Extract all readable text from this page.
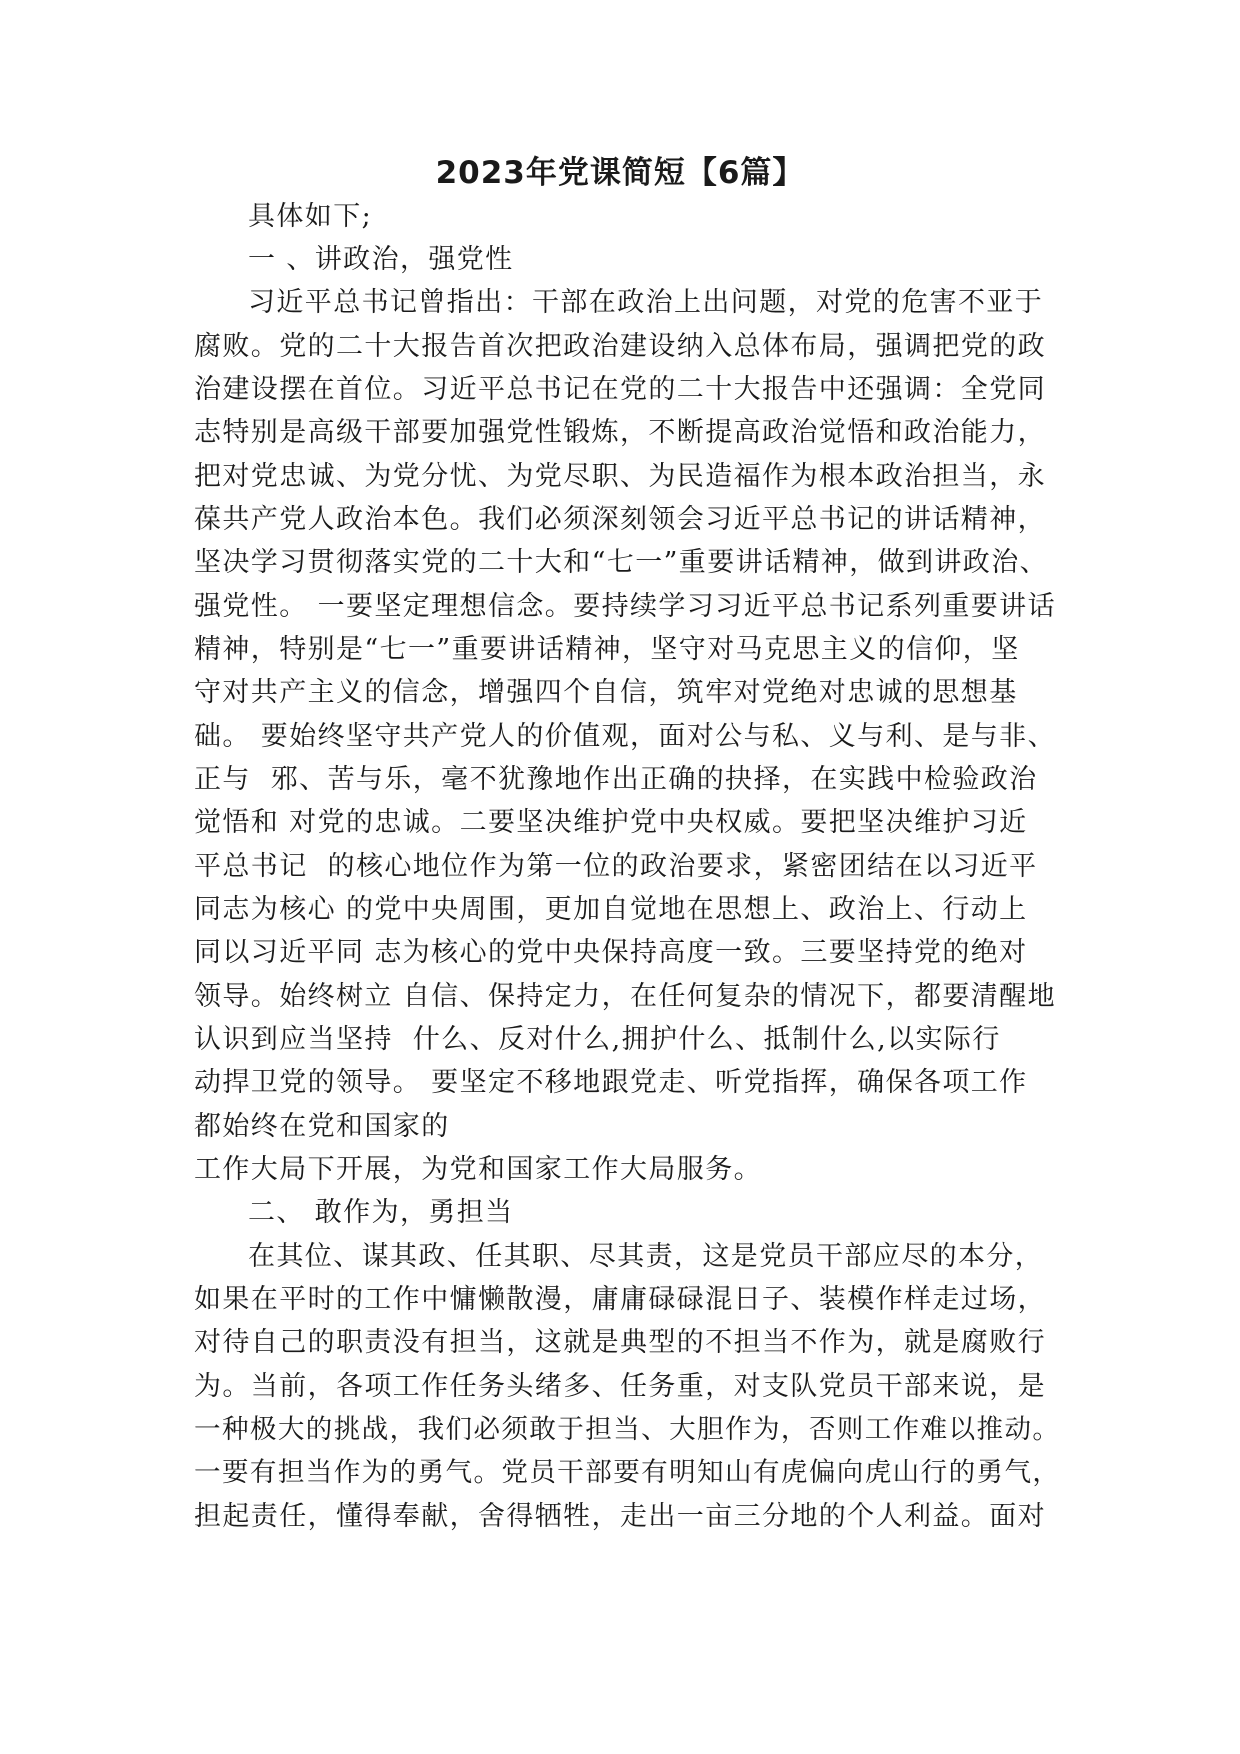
2023年党课简短【6篇】
具体如下;
一 、讲政治，强党性
习近平总书记曾指出：干部在政治上出问题，对党的危害不亚于
腐败。党的二十大报告首次把政治建设纳入总体布局，强调把党的政
治建设摆在首位。习近平总书记在党的二十大报告中还强调：全党同
志特别是高级干部要加强党性锻炼，不断提高政治觉悟和政治能力，
把对党忠诚、为党分忧、为党尽职、为民造福作为根本政治担当，永
葆共产党人政治本色。我们必须深刻领会习近平总书记的讲话精神，
坚决学习贯彻落实党的二十大和“七一”重要讲话精神，做到讲政治、
强党性。 一要坚定理想信念。要持续学习习近平总书记系列重要讲话
精神，特别是“七一”重要讲话精神，坚守对马克思主义的信仰，坚
守对共产主义的信念，增强四个自信，筑牢对党绝对忠诚的思想基
础。 要始终坚守共产党人的价值观，面对公与私、义与利、是与非、
正与  邪、苦与乐，毫不犹豫地作出正确的抉择，在实践中检验政治
觉悟和 对党的忠诚。二要坚决维护党中央权威。要把坚决维护习近
平总书记  的核心地位作为第一位的政治要求，紧密团结在以习近平
同志为核心 的党中央周围，更加自觉地在思想上、政治上、行动上
同以习近平同 志为核心的党中央保持高度一致。三要坚持党的绝对
领导。始终树立 自信、保持定力，在任何复杂的情况下，都要清醒地
认识到应当坚持  什么、反对什么,拥护什么、抵制什么,以实际行
动捍卫党的领导。 要坚定不移地跟党走、听党指挥，确保各项工作
都始终在党和国家的
工作大局下开展，为党和国家工作大局服务。
二、 敢作为，勇担当
在其位、谋其政、任其职、尽其责，这是党员干部应尽的本分，
如果在平时的工作中慵懒散漫，庸庸碌碌混日子、装模作样走过场，
对待自己的职责没有担当，这就是典型的不担当不作为，就是腐败行
为。当前，各项工作任务头绪多、任务重，对支队党员干部来说，是
一种极大的挑战，我们必须敢于担当、大胆作为，否则工作难以推动。
一要有担当作为的勇气。党员干部要有明知山有虎偏向虎山行的勇气，
担起责任，懂得奉献，舍得牺牲，走出一亩三分地的个人利益。面对
